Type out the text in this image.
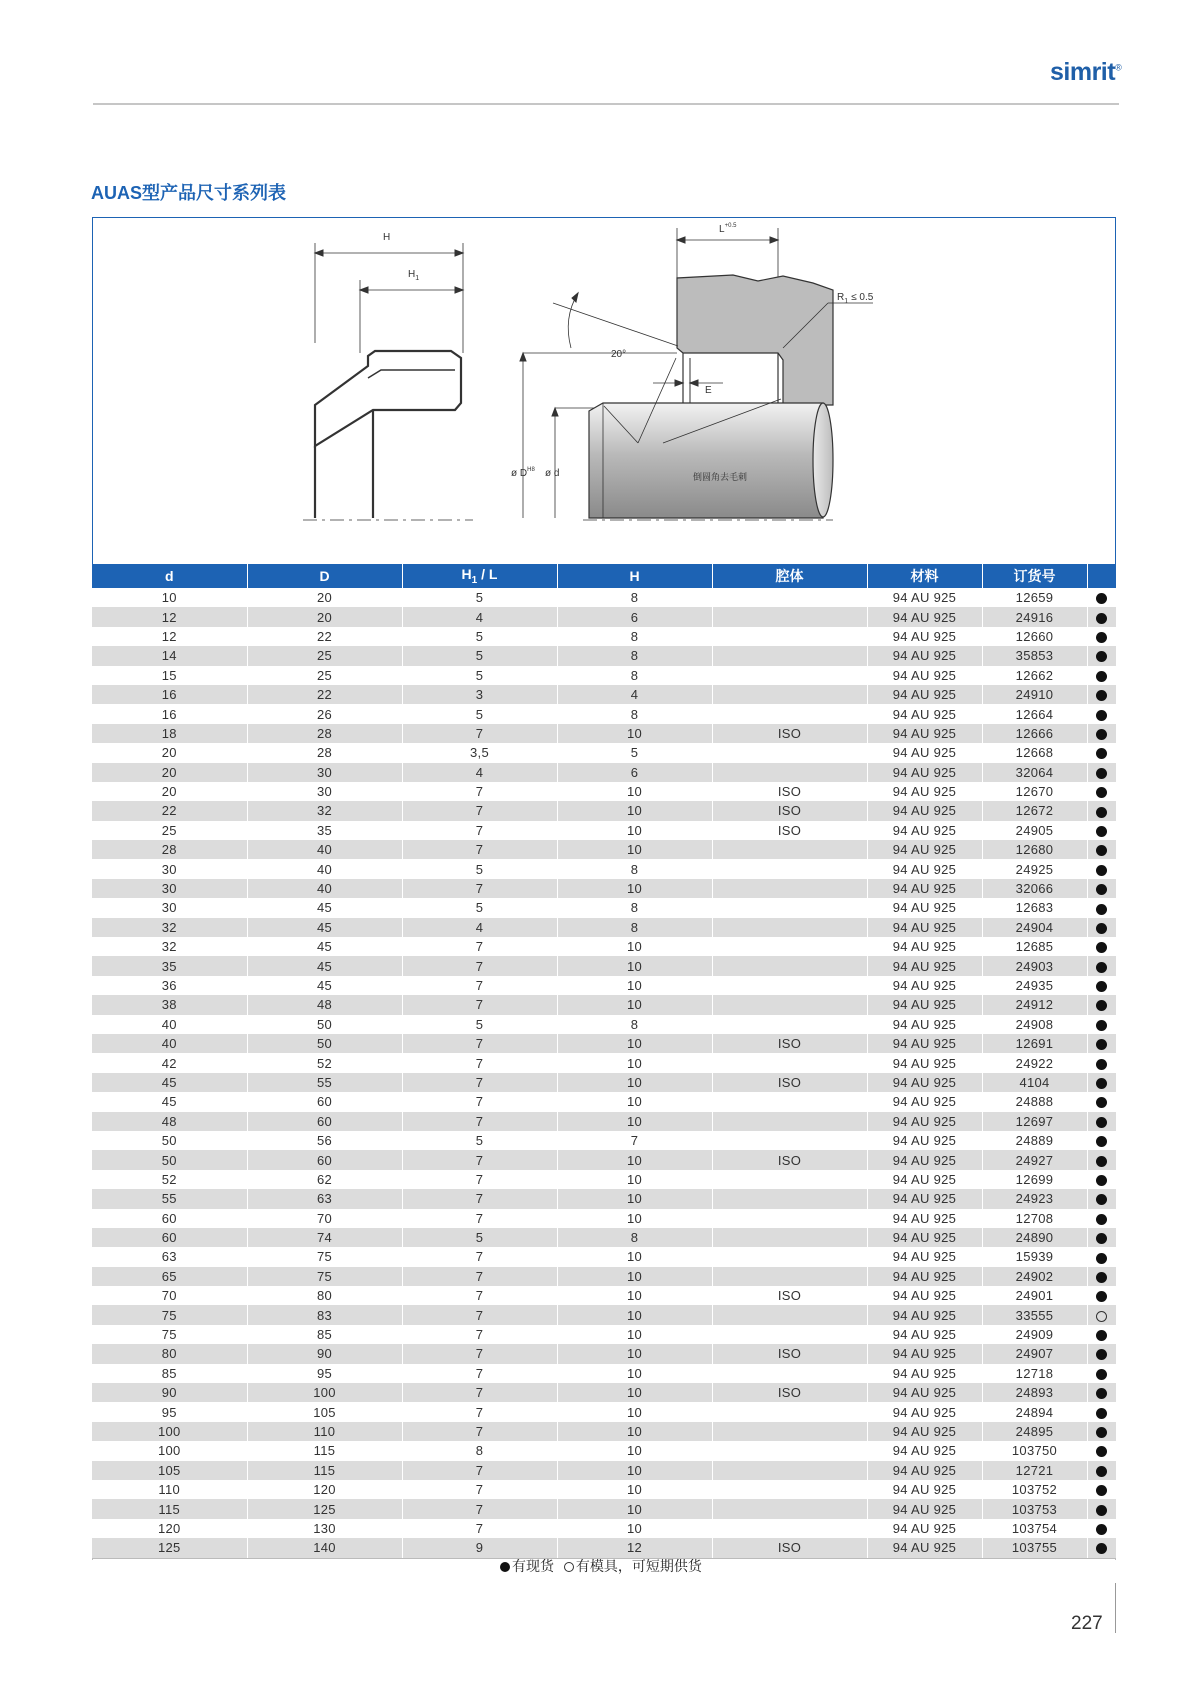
simrit®
AUAS型产品尺寸系列表
H
$H_1$
$L^{+0.5}$
$R_1 \le 0.5$
20°
E
ø $D^{H8}$ ø d	倒圆角去毛刺
d	D	$H_1$ / L	H	腔体	材料	订货号	
10	20	5	8		94 AU 925	12659	
12	20	4	6		94 AU 925	24916	
12	22	5	8		94 AU 925	12660	
14	25	5	8		94 AU 925	35853	
15	25	5	8		94 AU 925	12662	
16	22	3	4		94 AU 925	24910	
16	26	5	8		94 AU 925	12664	
18	28	7	10	ISO	94 AU 925	12666	
20	28	3,5	5		94 AU 925	12668	
20	30	4	6		94 AU 925	32064	
20	30	7	10	ISO	94 AU 925	12670	
22	32	7	10	ISO	94 AU 925	12672	
25	35	7	10	ISO	94 AU 925	24905	
28	40	7	10		94 AU 925	12680	
30	40	5	8		94 AU 925	24925	
30	40	7	10		94 AU 925	32066	
30	45	5	8		94 AU 925	12683	
32	45	4	8		94 AU 925	24904	
32	45	7	10		94 AU 925	12685	
35	45	7	10		94 AU 925	24903	
36	45	7	10		94 AU 925	24935	
38	48	7	10		94 AU 925	24912	
40	50	5	8		94 AU 925	24908	
40	50	7	10	ISO	94 AU 925	12691	
42	52	7	10		94 AU 925	24922	
45	55	7	10	ISO	94 AU 925	4104	
45	60	7	10		94 AU 925	24888	
48	60	7	10		94 AU 925	12697	
50	56	5	7		94 AU 925	24889	
50	60	7	10	ISO	94 AU 925	24927	
52	62	7	10		94 AU 925	12699	
55	63	7	10		94 AU 925	24923	
60	70	7	10		94 AU 925	12708	
60	74	5	8		94 AU 925	24890	
63	75	7	10		94 AU 925	15939	
65	75	7	10		94 AU 925	24902	
70	80	7	10	ISO	94 AU 925	24901	
75	83	7	10		94 AU 925	33555	
75	85	7	10		94 AU 925	24909	
80	90	7	10	ISO	94 AU 925	24907	
85	95	7	10		94 AU 925	12718	
90	100	7	10	ISO	94 AU 925	24893	
95	105	7	10		94 AU 925	24894	
100	110	7	10		94 AU 925	24895	
100	115	8	10		94 AU 925	103750	
105	115	7	10		94 AU 925	12721	
110	120	7	10		94 AU 925	103752	
115	125	7	10		94 AU 925	103753	
120	130	7	10		94 AU 925	103754	
125	140	9	12	ISO	94 AU 925	103755	
有现货 有模具，可短期供货
227
